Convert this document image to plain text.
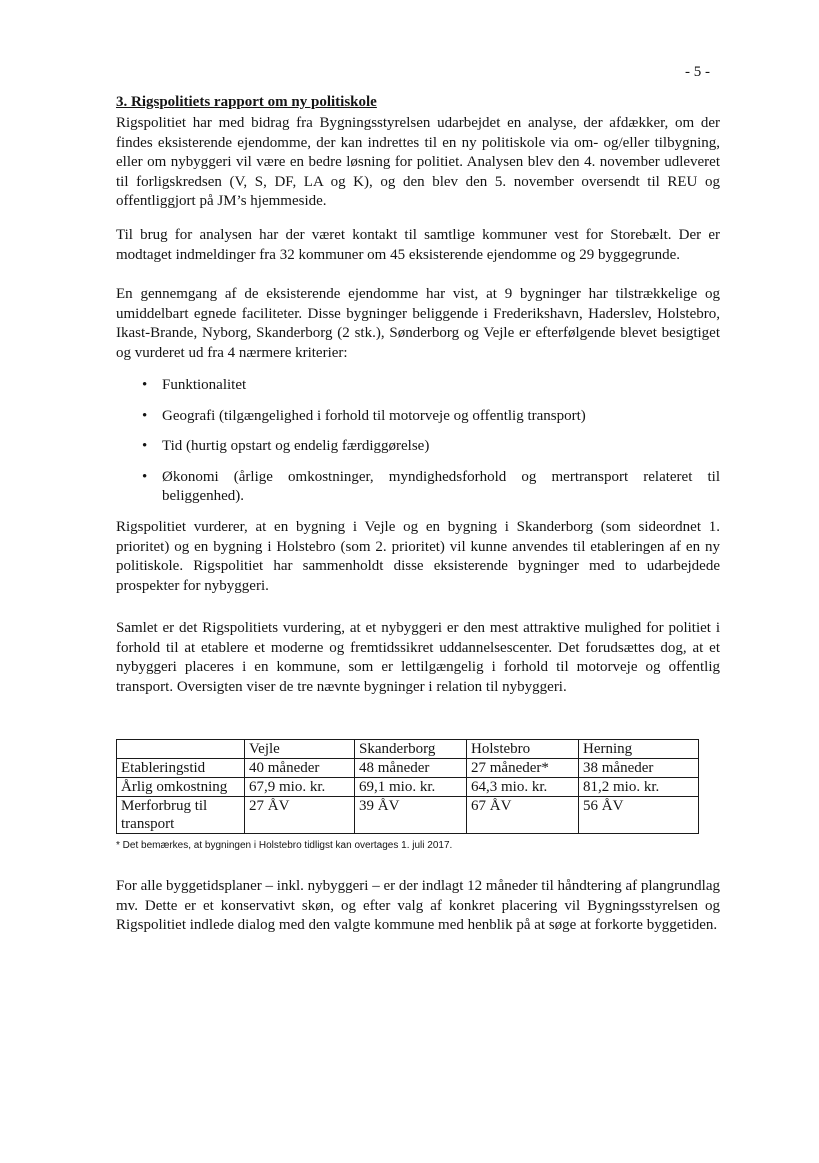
- 5 -
3. Rigspolitiets rapport om ny politiskole

Rigspolitiet har med bidrag fra Bygningsstyrelsen udarbejdet en analyse, der afdækker, om der findes eksisterende ejendomme, der kan indrettes til en ny politiskole via om- og/eller tilbygning, eller om nybyggeri vil være en bedre løsning for politiet. Analysen blev den 4. november udleveret til forligskredsen (V, S, DF, LA og K), og den blev den 5. november oversendt til REU og offentliggjort på JM’s hjemmeside.

Til brug for analysen har der været kontakt til samtlige kommuner vest for Storebælt. Der er modtaget indmeldinger fra 32 kommuner om 45 eksisterende ejendomme og 29 byggegrunde.

En gennemgang af de eksisterende ejendomme har vist, at 9 bygninger har tilstrækkelige og umiddelbart egnede faciliteter. Disse bygninger beliggende i Frederikshavn, Haderslev, Holstebro, Ikast-Brande, Nyborg, Skanderborg (2 stk.), Sønderborg og Vejle er efterfølgende blevet besigtiget og vurderet ud fra 4 nærmere kriterier:

• Funktionalitet
• Geografi (tilgængelighed i forhold til motorveje og offentlig transport)
• Tid (hurtig opstart og endelig færdiggørelse)
• Økonomi (årlige omkostninger, myndighedsforhold og mertransport relateret til beliggenhed).

Rigspolitiet vurderer, at en bygning i Vejle og en bygning i Skanderborg (som sideordnet 1. prioritet) og en bygning i Holstebro (som 2. prioritet) vil kunne anvendes til etableringen af en ny politiskole. Rigspolitiet har sammenholdt disse eksisterende bygninger med to udarbejdede prospekter for nybyggeri.

Samlet er det Rigspolitiets vurdering, at et nybyggeri er den mest attraktive mulighed for politiet i forhold til at etablere et moderne og fremtidssikret uddannelsescenter. Det forudsættes dog, at et nybyggeri placeres i en kommune, som er lettilgængelig i forhold til motorveje og offentlig transport. Oversigten viser de tre nævnte bygninger i relation til nybyggeri.

	Vejle	Skanderborg	Holstebro	Herning
Etableringstid	40 måneder	48 måneder	27 måneder*	38 måneder
Årlig omkostning	67,9 mio. kr.	69,1 mio. kr.	64,3 mio. kr.	81,2 mio. kr.
Merforbrug til transport	27 ÅV	39 ÅV	67 ÅV	56 ÅV
* Det bemærkes, at bygningen i Holstebro tidligst kan overtages 1. juli 2017.

For alle byggetidsplaner – inkl. nybyggeri – er der indlagt 12 måneder til håndtering af plangrundlag mv. Dette er et konservativt skøn, og efter valg af konkret placering vil Bygningsstyrelsen og Rigspolitiet indlede dialog med den valgte kommune med henblik på at søge at forkorte byggetiden.
